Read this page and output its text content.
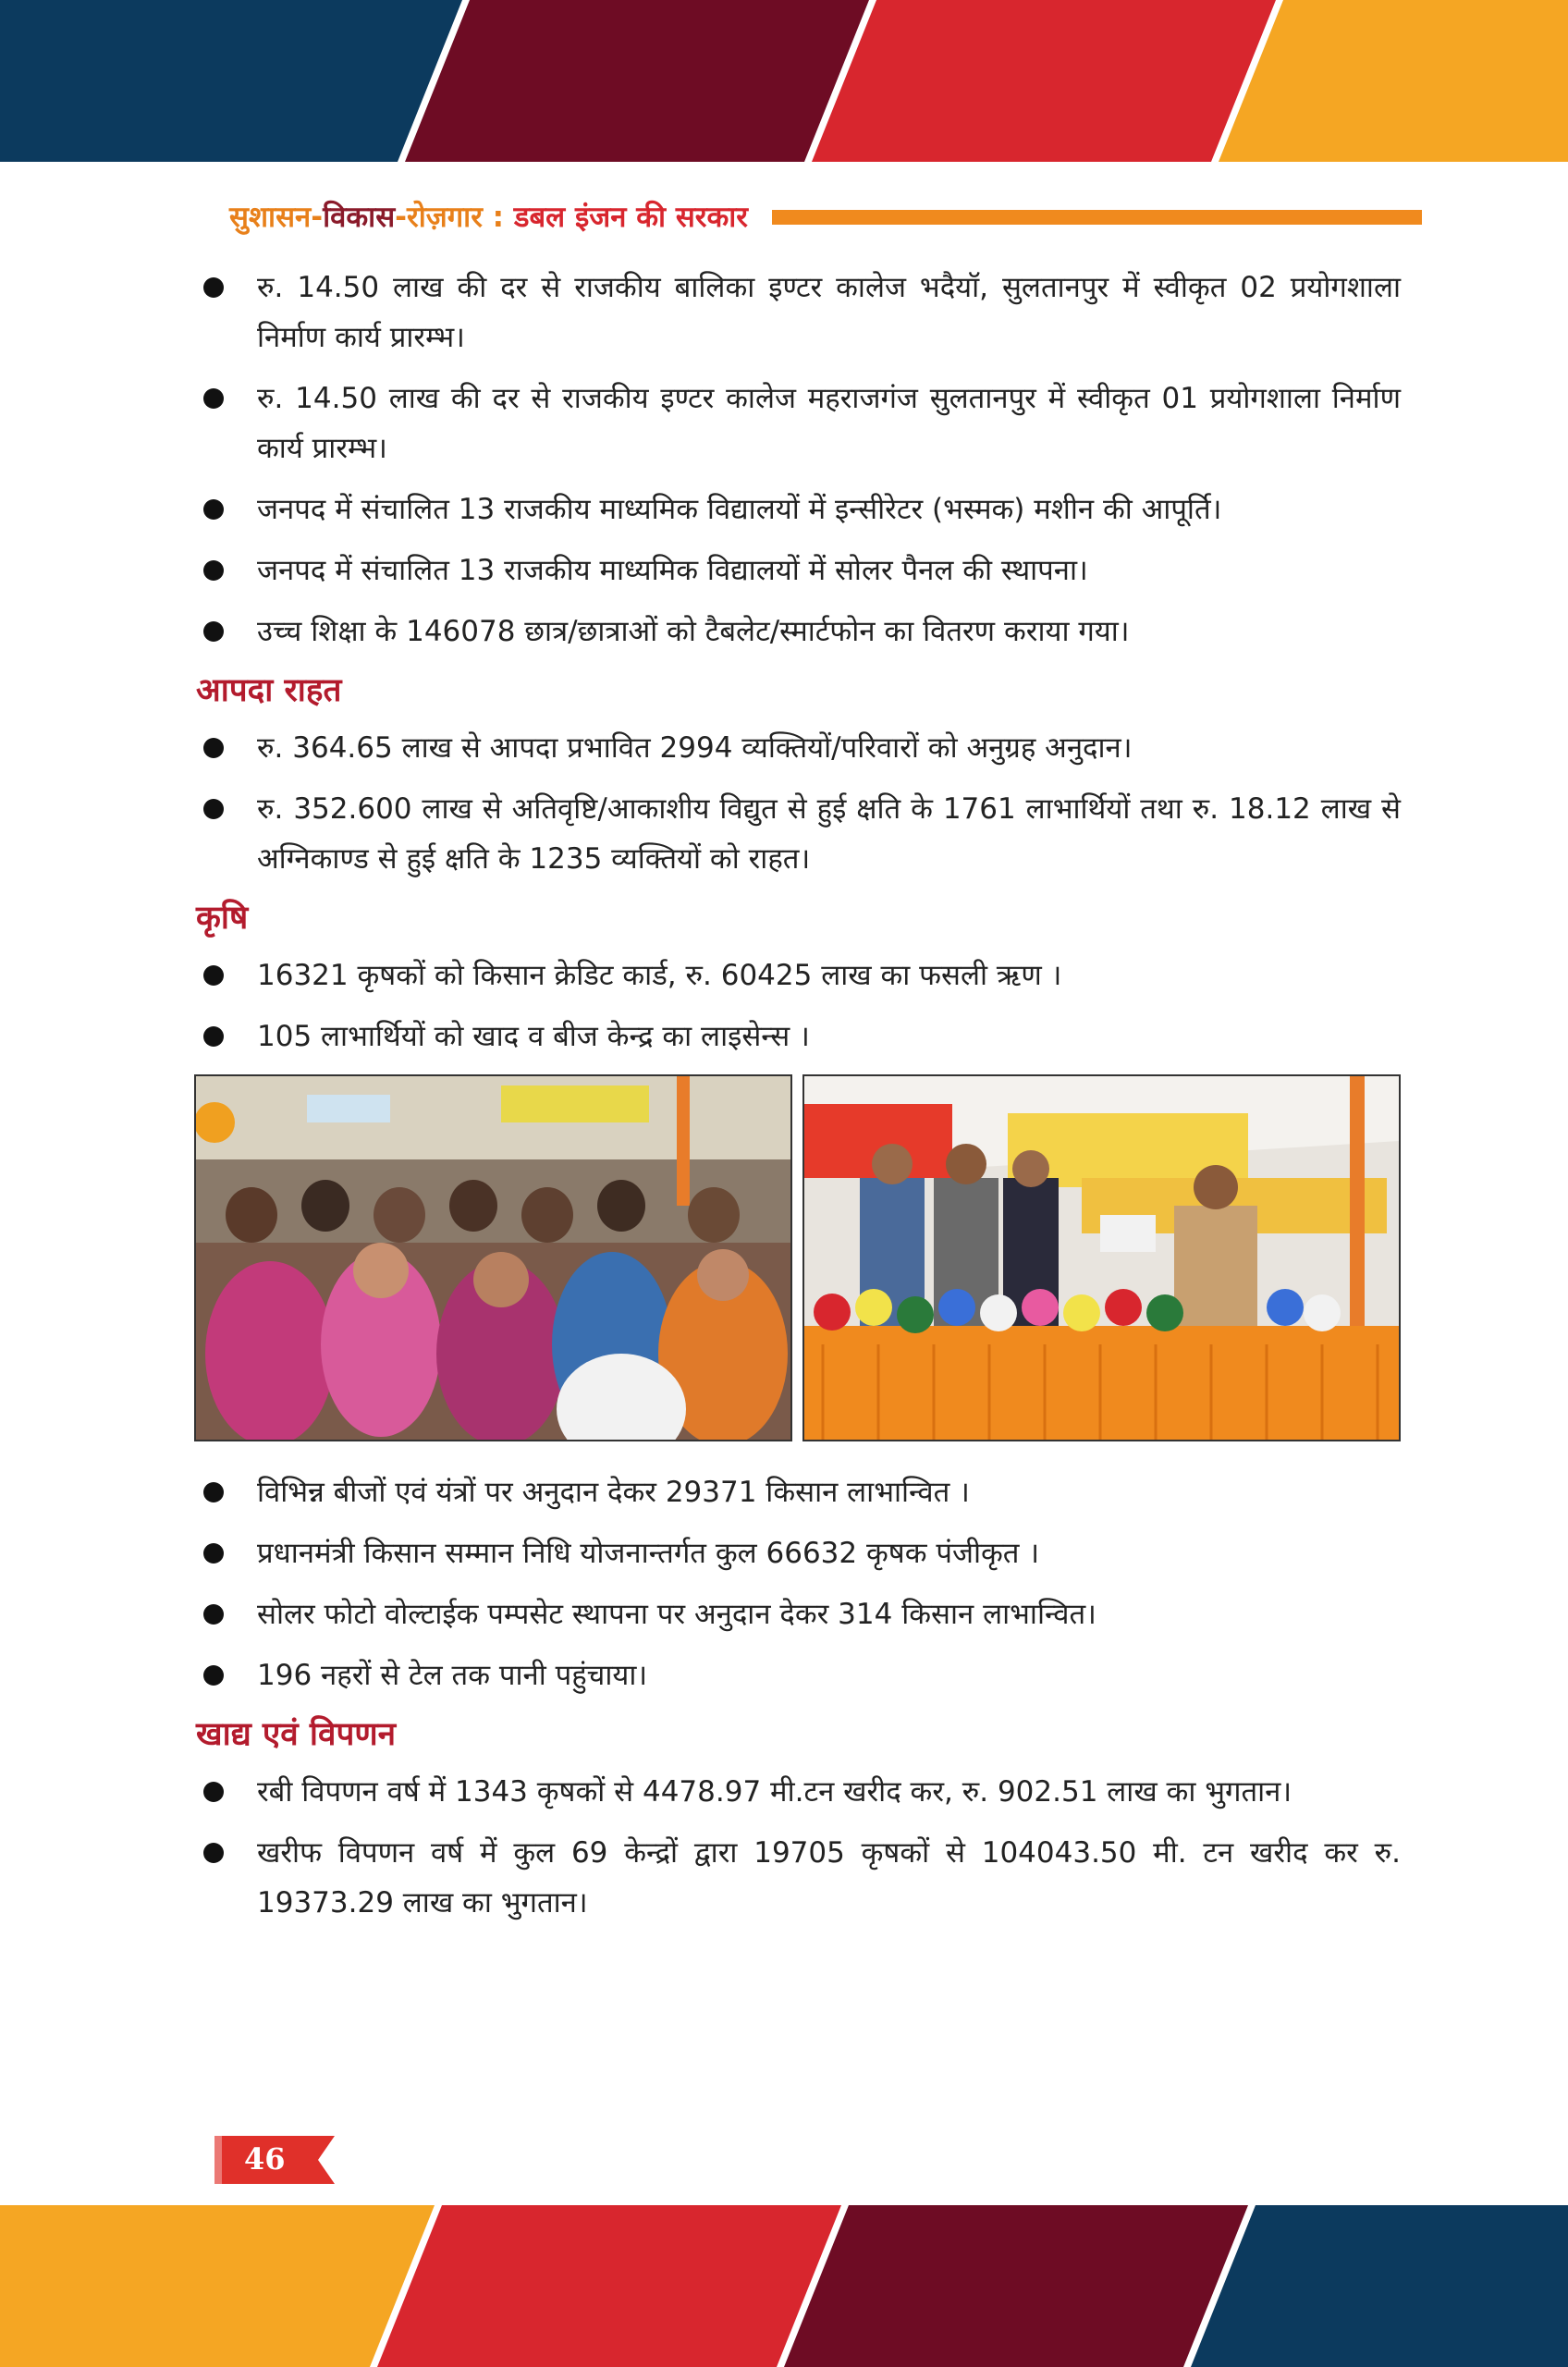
सुशासन-विकास-रोज़गार : डबल इंजन की सरकार
रु. 14.50 लाख की दर से राजकीय बालिका इण्टर कालेज भदैयॉ, सुलतानपुर में स्वीकृत 02 प्रयोगशाला निर्माण कार्य प्रारम्भ।
रु. 14.50 लाख की दर से राजकीय इण्टर कालेज महराजगंज सुलतानपुर में स्वीकृत 01 प्रयोगशाला निर्माण कार्य प्रारम्भ।
जनपद में संचालित 13 राजकीय माध्यमिक विद्यालयों में इन्सीरेटर (भस्मक) मशीन की आपूर्ति।
जनपद में संचालित 13 राजकीय माध्यमिक विद्यालयों में सोलर पैनल की स्थापना।
उच्च शिक्षा के 146078 छात्र/छात्राओं को टैबलेट/स्मार्टफोन का वितरण कराया गया।
आपदा राहत
रु. 364.65 लाख से आपदा प्रभावित 2994 व्यक्तियों/परिवारों को अनुग्रह अनुदान।
रु. 352.600 लाख से अतिवृष्टि/आकाशीय विद्युत से हुई क्षति के 1761 लाभार्थियों तथा रु. 18.12 लाख से अग्निकाण्ड से हुई क्षति के 1235 व्यक्तियों को राहत।
कृषि
16321 कृषकों को किसान क्रेडिट कार्ड, रु. 60425 लाख का फसली ऋण ।
105 लाभार्थियों को खाद व बीज केन्द्र का लाइसेन्स ।
विभिन्न बीजों एवं यंत्रों पर अनुदान देकर 29371 किसान लाभान्वित ।
प्रधानमंत्री किसान सम्मान निधि योजनान्तर्गत कुल 66632 कृषक पंजीकृत ।
सोलर फोटो वोल्टाईक पम्पसेट स्थापना पर अनुदान देकर 314 किसान लाभान्वित।
196 नहरों से टेल तक पानी पहुंचाया।
खाद्य एवं विपणन
रबी विपणन वर्ष में 1343 कृषकों से 4478.97 मी.टन खरीद कर, रु. 902.51 लाख का भुगतान।
खरीफ विपणन वर्ष में कुल 69 केन्द्रों द्वारा 19705 कृषकों से 104043.50 मी. टन खरीद कर रु. 19373.29 लाख का भुगतान।
46
